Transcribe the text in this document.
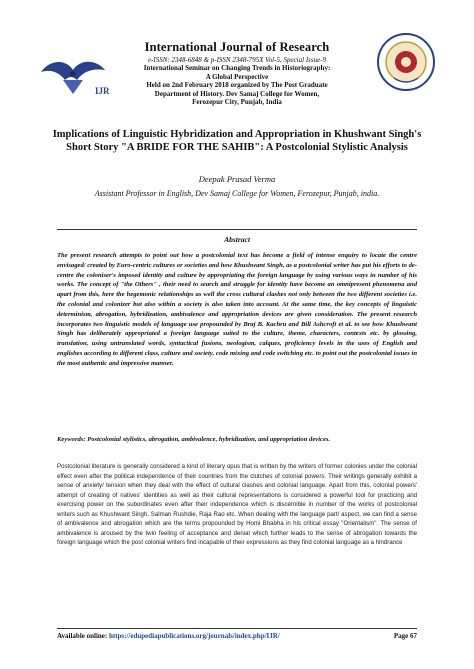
IJR
International Journal of Research
e-ISSN: 2348-6848 & p-ISSN 2348-795X Vol-5, Special Issue-9
International Seminar on Changing Trends in Historiography:
A Global Perspective
Held on 2nd February 2018 organized by The Post Graduate
Department of History. Dev Samaj College for Women,
Ferozepur City, Punjab, India
Implications of Linguistic Hybridization and Appropriation in Khushwant Singh's Short Story "A BRIDE FOR THE SAHIB": A Postcolonial Stylistic Analysis
Deepak Prasad Verma
Assistant Professor in English, Dev Samaj College for Women, Ferozepur, Punjab, india.
Abstract
The present research attempts to point out how a postcolonial text has become a field of intense enquiry to locate the centre envisaged/ created by Euro-centric cultures or societies and how Khushwant Singh, as a postcolonial writer has put his efforts to de-centre the coloniser's imposed identity and culture by appropriating the foreign language by using various ways in number of his works. The concept of "the Others" , their need to search and struggle for identity have become an omnipresent phenomena and apart from this, here the hegemonic relationships as well the cross cultural clashes not only between the two different societies i.e. the colonial and colonizer but also within a society is also taken into account. At the same time, the key concepts of linguistic determinism, abrogation, hybridization, ambivalence and appropriation devices are given consideration. The present research incorporates two linguistic models of language use propounded by Braj B. Kachru and Bill Ashcroft et al. to see how Khushwant Singh has deliberately appropriated a foreign language suited to the culture, theme, characters, contexts etc. by glossing, translation, using untranslated words, syntactical fusions, neologism, calques, proficiency levels in the uses of English and englishes according to different class, culture and society, code mixing and code switching etc. to point out the postcolonial issues in the most authentic and impressive manner.
Keywords: Postcolonial stylistics, abrogation, ambivalence, hybridization, and appropriation devices.
Postcolonial literature is generally considered a kind of literary opus that is written by the writers of former colonies under the colonial effect even after the political independence of their countries from the clutches of colonial powers. Their writings generally exhibit a sense of anxiety/ tension when they deal with the effect of cultural clashes and colonial language. Apart from this, colonial powers' attempt of creating of natives' identities as well as their cultural representations is considered a powerful tool for practicing and exercising power on the subordinates even after their independence which is discernible in number of the works of postcolonial writers such as Khushwant Singh, Salman Rushdie, Raja Rao etc. When dealing with the language part/ aspect, we can find a sense of ambivalence and abrogation which are the terms propounded by Homi Bhabha in his critical essay "Orientalism". The sense of ambivalence is aroused by the twin feeling of acceptance and denial which further leads to the sense of abrogation towards the foreign language which the post colonial writers find incapable of their expressions as they find colonial language as a hindrance
Available online: https://edupediapublications.org/journals/index.php/IJR/	Page 67
